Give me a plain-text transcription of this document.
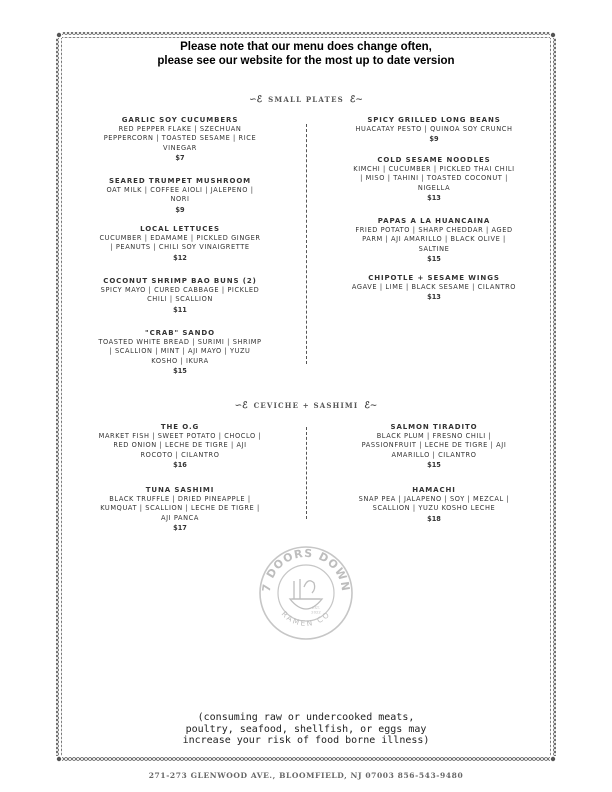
Please note that our menu does change often,
please see our website for the most up to date version
∽ℰ SMALL PLATES ℰ∼
GARLIC SOY CUCUMBERS
RED PEPPER FLAKE | SZECHUAN
PEPPERCORN | TOASTED SESAME | RICE
VINEGAR
$7
SEARED TRUMPET MUSHROOM
OAT MILK | COFFEE AIOLI | JALEPENO |
NORI
$9
LOCAL LETTUCES
CUCUMBER | EDAMAME | PICKLED GINGER
| PEANUTS | CHILI SOY VINAIGRETTE
$12
COCONUT SHRIMP BAO BUNS (2)
SPICY MAYO | CURED CABBAGE | PICKLED
CHILI | SCALLION
$11
"CRAB" SANDO
TOASTED WHITE BREAD | SURIMI | SHRIMP
| SCALLION | MINT | AJI MAYO | YUZU
KOSHO | IKURA
$15
SPICY GRILLED LONG BEANS
HUACATAY PESTO | QUINOA SOY CRUNCH
$9
COLD SESAME NOODLES
KIMCHI | CUCUMBER | PICKLED THAI CHILI
| MISO | TAHINI | TOASTED COCONUT |
NIGELLA
$13
PAPAS A LA HUANCAINA
FRIED POTATO | SHARP CHEDDAR | AGED
PARM | AJI AMARILLO | BLACK OLIVE |
SALTINE
$15
CHIPOTLE + SESAME WINGS
AGAVE | LIME | BLACK SESAME | CILANTRO
$13
∽ℰ CEVICHE + SASHIMI ℰ∼
THE O.G
MARKET FISH | SWEET POTATO | CHOCLO |
RED ONION | LECHE DE TIGRE | AJI
ROCOTO | CILANTRO
$16
TUNA SASHIMI
BLACK TRUFFLE | DRIED PINEAPPLE |
KUMQUAT | SCALLION | LECHE DE TIGRE |
AJI PANCA
$17
SALMON TIRADITO
BLACK PLUM | FRESNO CHILI |
PASSIONFRUIT | LECHE DE TIGRE | AJI
AMARILLO | CILANTRO
$15
HAMACHI
SNAP PEA | JALAPENO | SOY | MEZCAL |
SCALLION | YUZU KOSHO LECHE
$18
7 DOORS DOWN
RAMEN CO
EST.
2022
(consuming raw or undercooked meats,
poultry, seafood, shellfish, or eggs may
increase your risk of food borne illness)
271-273 GLENWOOD AVE., BLOOMFIELD, NJ 07003 856-543-9480
